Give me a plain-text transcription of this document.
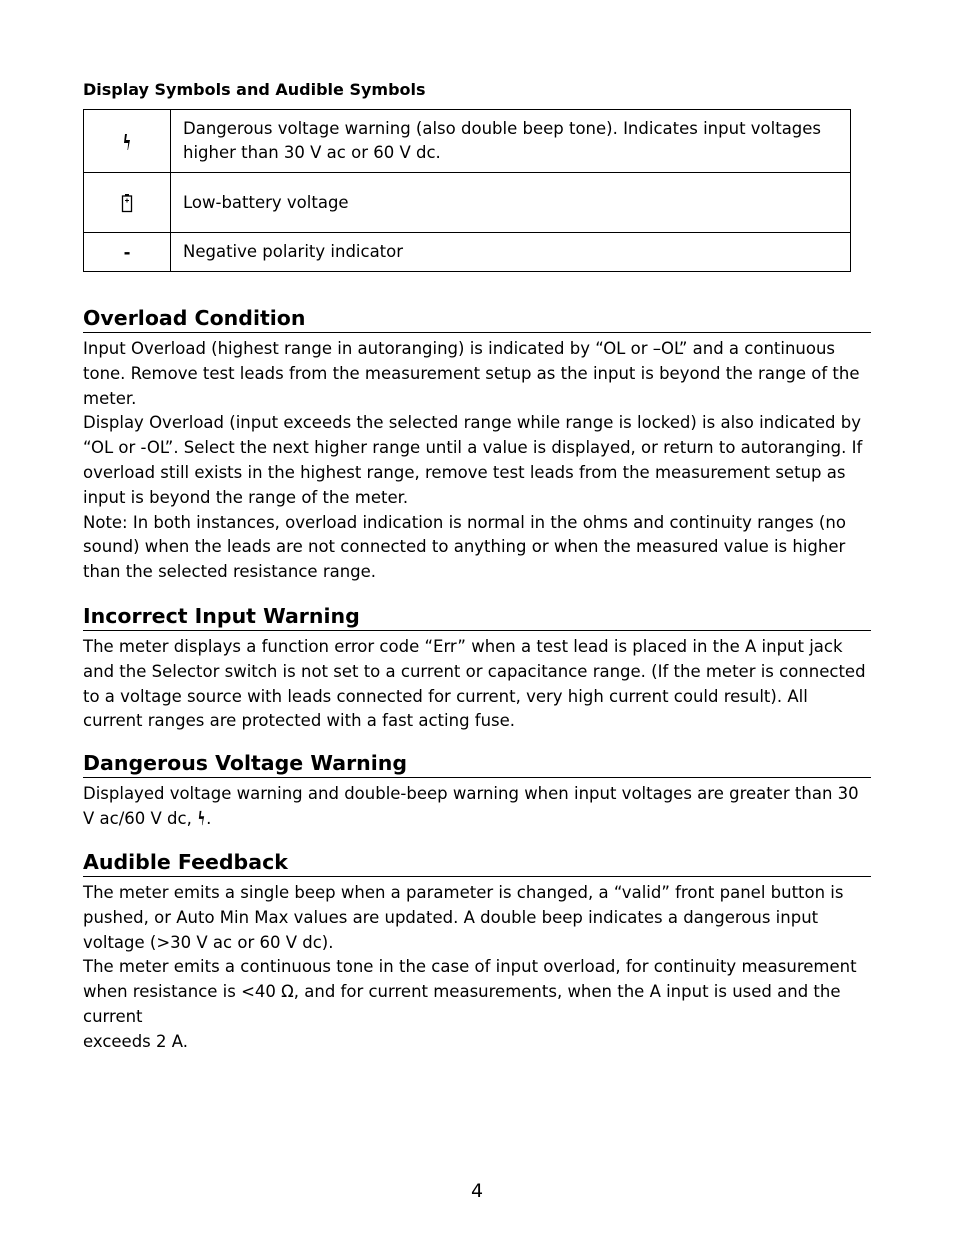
Display Symbols and Audible Symbols
	Dangerous voltage warning (also double beep tone). Indicates input voltages higher than 30 V ac or 60 V dc.
	Low-battery voltage
-	Negative polarity indicator
Overload Condition

Input Overload (highest range in autoranging) is indicated by “OL or –OL” and a continuous tone. Remove test leads from the measurement setup as the input is beyond the range of the meter.

Display Overload (input exceeds the selected range while range is locked) is also indicated by “OL or -OL”. Select the next higher range until a value is displayed, or return to autoranging. If overload still exists in the highest range, remove test leads from the measurement setup as input is beyond the range of the meter.

Note: In both instances, overload indication is normal in the ohms and continuity ranges (no sound) when the leads are not connected to anything or when the measured value is higher than the selected resistance range.

Incorrect Input Warning

The meter displays a function error code “Err” when a test lead is placed in the A input jack and the Selector switch is not set to a current or capacitance range. (If the meter is connected to a voltage source with leads connected for current, very high current could result). All current ranges are protected with a fast acting fuse.

Dangerous Voltage Warning

Displayed voltage warning and double-beep warning when input voltages are greater than 30 V ac/60 V dc, .

Audible Feedback

The meter emits a single beep when a parameter is changed, a “valid” front panel button is pushed, or Auto Min Max values are updated. A double beep indicates a dangerous input voltage (>30 V ac or 60 V dc).

The meter emits a continuous tone in the case of input overload, for continuity measurement when resistance is <40 Ω, and for current measurements, when the A input is used and the current

exceeds 2 A.

4
